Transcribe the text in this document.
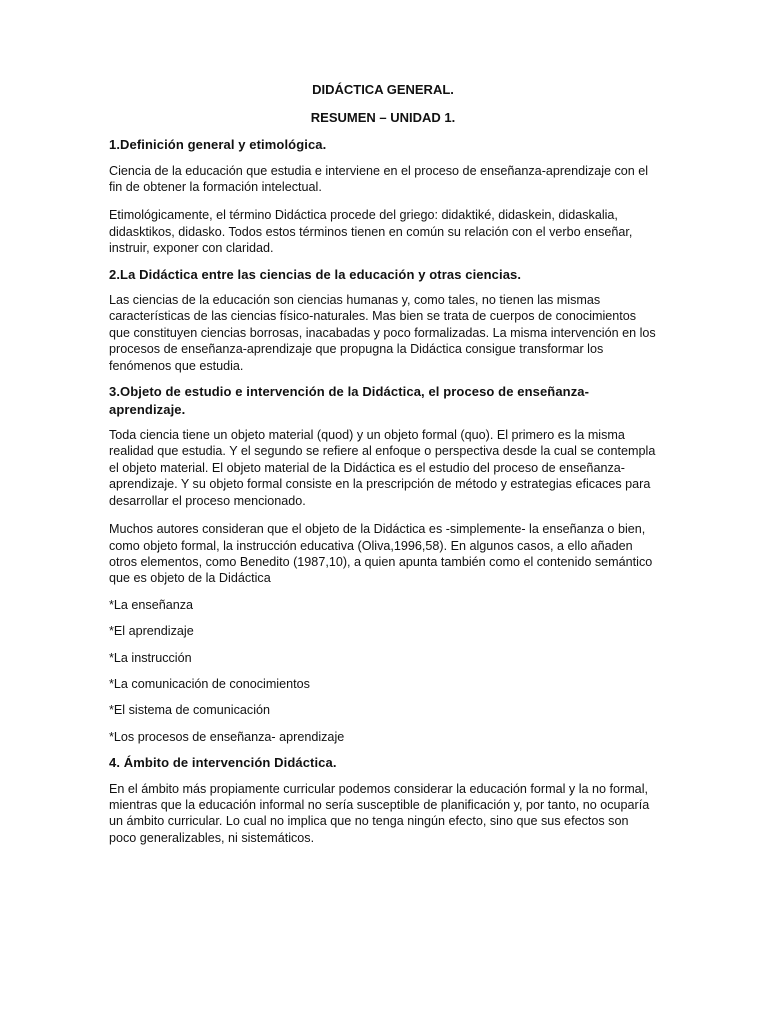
DIDÁCTICA GENERAL.

RESUMEN – UNIDAD 1.

1.Definición general y etimológica.

Ciencia de la educación que estudia e interviene en el proceso de enseñanza-aprendizaje con el fin de obtener la formación intelectual.

Etimológicamente, el término Didáctica procede del griego: didaktiké, didaskein, didaskalia, didasktikos, didasko. Todos estos términos tienen en común su relación con el verbo enseñar, instruir, exponer con claridad.

2.La Didáctica entre las ciencias de la educación y otras ciencias.

Las ciencias de la educación son ciencias humanas y, como tales, no tienen las mismas características de las ciencias físico-naturales. Mas bien se trata de cuerpos de conocimientos que constituyen ciencias borrosas, inacabadas y poco formalizadas. La misma intervención en los procesos de enseñanza-aprendizaje que propugna la Didáctica consigue transformar los fenómenos que estudia.

3.Objeto de estudio e intervención de la Didáctica, el proceso de enseñanza-aprendizaje.

Toda ciencia tiene un objeto material (quod) y un objeto formal (quo). El primero es la misma realidad que estudia. Y el segundo se refiere al enfoque o perspectiva desde la cual se contempla el objeto material. El objeto material de la Didáctica es el estudio del proceso de enseñanza-aprendizaje. Y su objeto formal consiste en la prescripción de método y estrategias eficaces para desarrollar el proceso mencionado.

Muchos autores consideran que el objeto de la Didáctica es -simplemente- la enseñanza o bien, como objeto formal, la instrucción educativa (Oliva,1996,58). En algunos casos, a ello añaden otros elementos, como Benedito (1987,10), a quien apunta también como el contenido semántico que es objeto de la Didáctica

*La enseñanza

*El aprendizaje

*La instrucción

*La comunicación de conocimientos

*El sistema de comunicación

*Los procesos de enseñanza- aprendizaje

4. Ámbito de intervención Didáctica.

En el ámbito más propiamente curricular podemos considerar la educación formal y la no formal, mientras que la educación informal no sería susceptible de planificación y, por tanto, no ocuparía un ámbito curricular. Lo cual no implica que no tenga ningún efecto, sino que sus efectos son poco generalizables, ni sistemáticos.
